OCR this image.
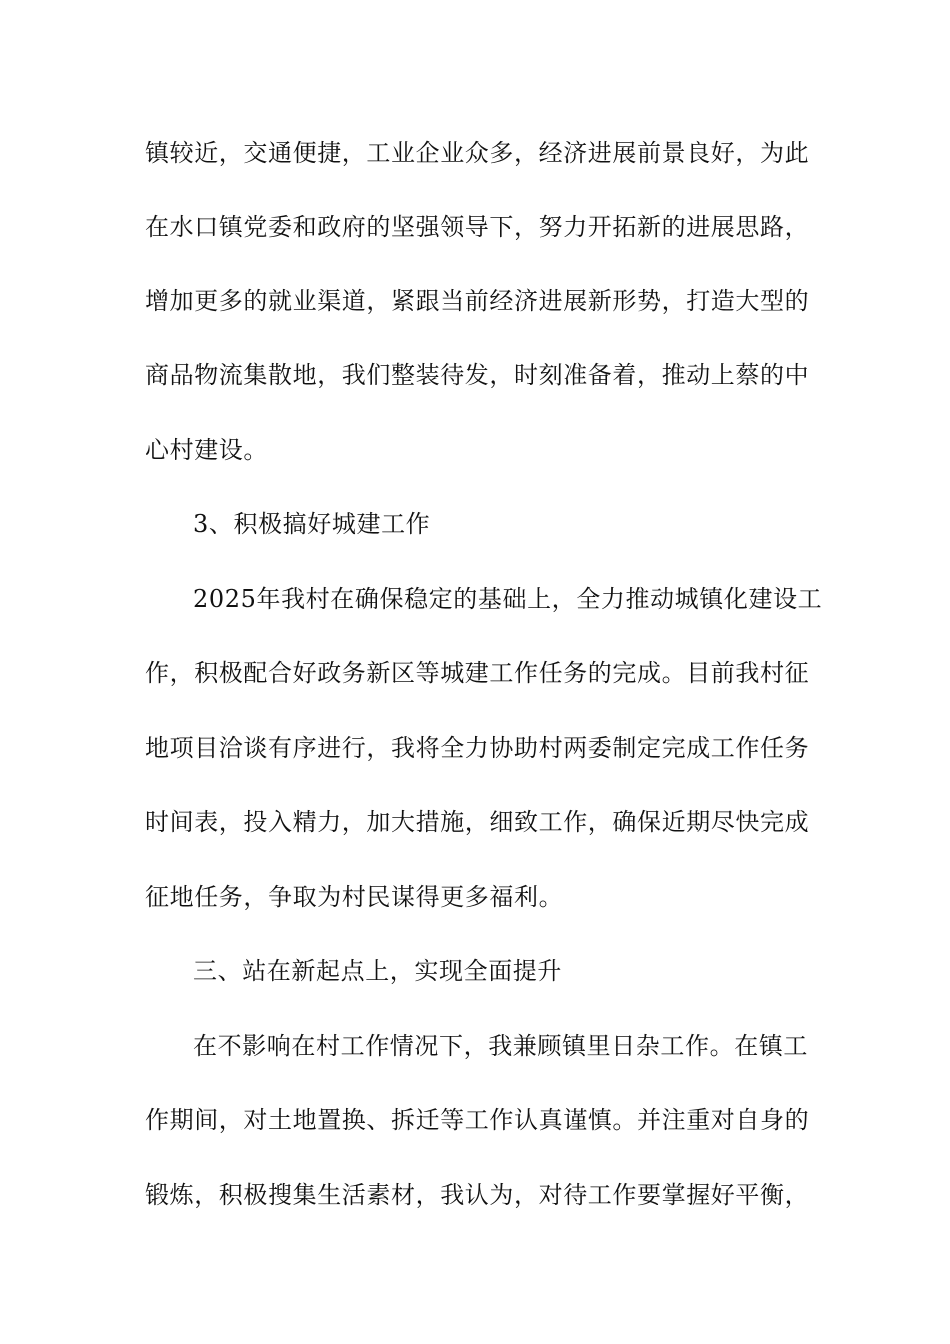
镇较近，交通便捷，工业企业众多，经济进展前景良好，为此
在水口镇党委和政府的坚强领导下，努力开拓新的进展思路，
增加更多的就业渠道，紧跟当前经济进展新形势，打造大型的
商品物流集散地，我们整装待发，时刻准备着，推动上蔡的中
心村建设。
3、积极搞好城建工作
2025年我村在确保稳定的基础上，全力推动城镇化建设工
作，积极配合好政务新区等城建工作任务的完成。目前我村征
地项目洽谈有序进行，我将全力协助村两委制定完成工作任务
时间表，投入精力，加大措施，细致工作，确保近期尽快完成
征地任务，争取为村民谋得更多福利。
三、站在新起点上，实现全面提升
在不影响在村工作情况下，我兼顾镇里日杂工作。在镇工
作期间，对土地置换、拆迁等工作认真谨慎。并注重对自身的
锻炼，积极搜集生活素材，我认为，对待工作要掌握好平衡，
